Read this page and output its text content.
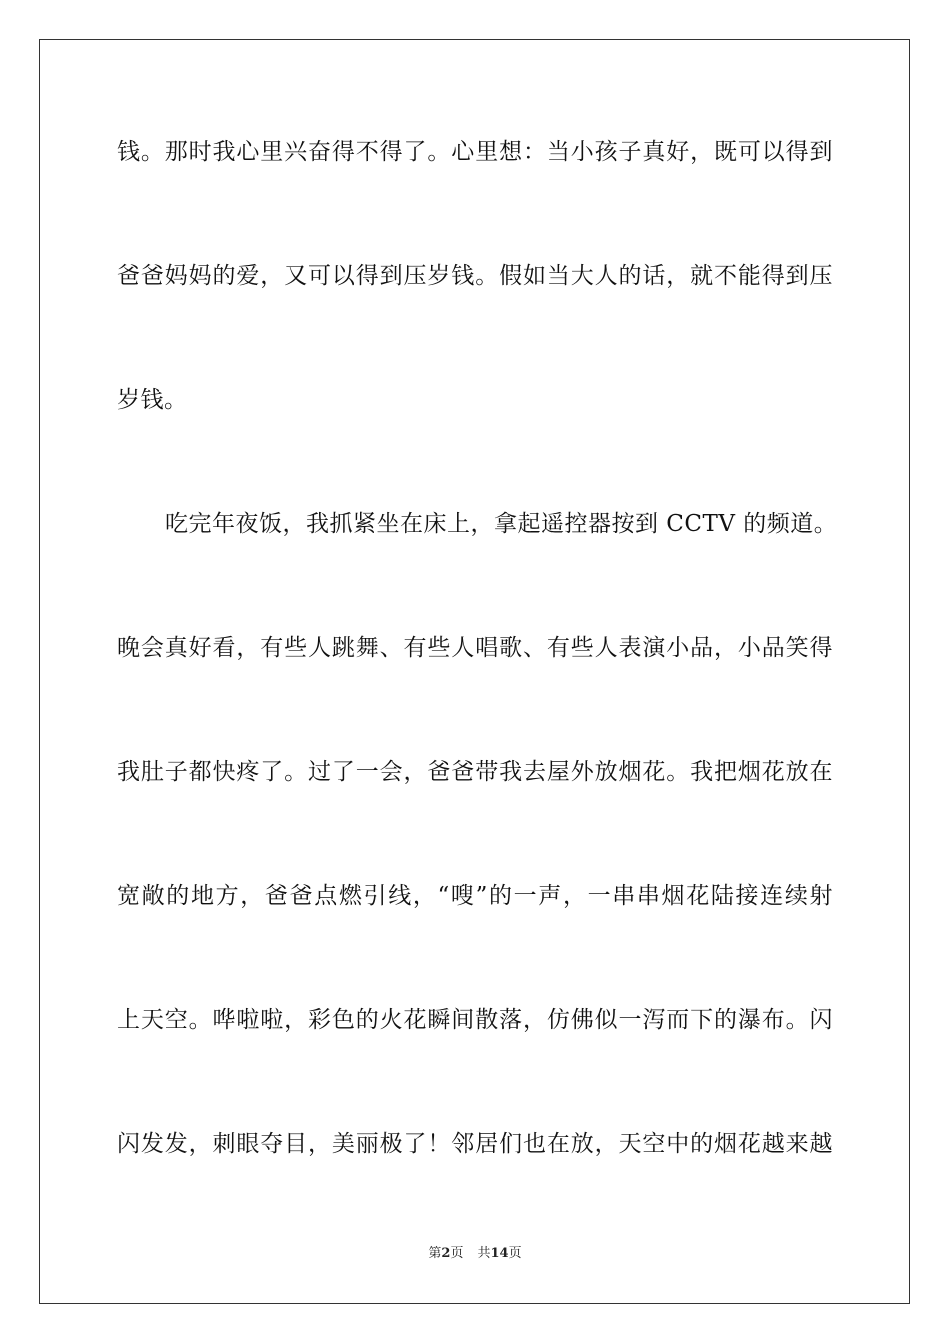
钱。那时我心里兴奋得不得了。心里想：当小孩子真好，既可以得到
爸爸妈妈的爱，又可以得到压岁钱。假如当大人的话，就不能得到压
岁钱。
吃完年夜饭，我抓紧坐在床上，拿起遥控器按到 CCTV 的频道。
晚会真好看，有些人跳舞、有些人唱歌、有些人表演小品，小品笑得
我肚子都快疼了。过了一会，爸爸带我去屋外放烟花。我把烟花放在
宽敞的地方，爸爸点燃引线，“嗖”的一声，一串串烟花陆接连续射
上天空。哗啦啦，彩色的火花瞬间散落，仿佛似一泻而下的瀑布。闪
闪发发，刺眼夺目，美丽极了！邻居们也在放，天空中的烟花越来越
第2页 共14页
